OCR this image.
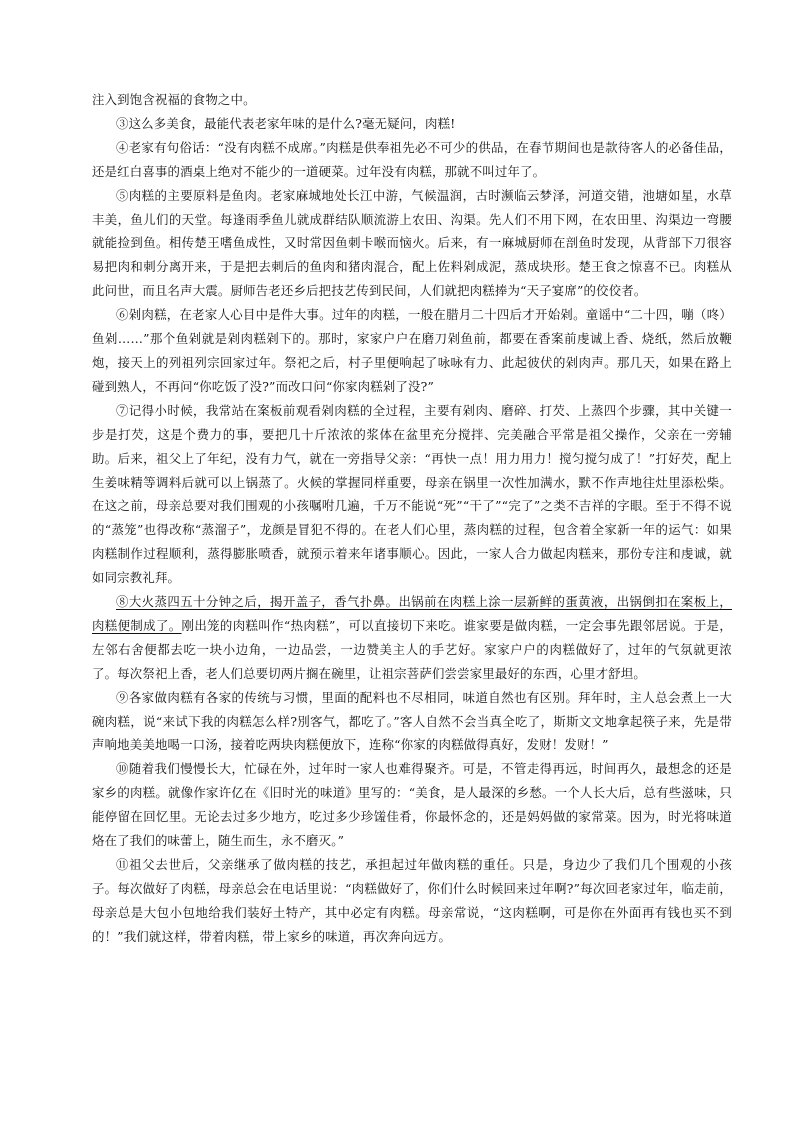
注入到饱含祝福的食物之中。

③这么多美食，最能代表老家年味的是什么?毫无疑问，肉糕!

④老家有句俗话：“没有肉糕不成席。”肉糕是供奉祖先必不可少的供品，在春节期间也是款待客人的必备佳品，还是红白喜事的酒桌上绝对不能少的一道硬菜。过年没有肉糕，那就不叫过年了。

⑤肉糕的主要原料是鱼肉。老家麻城地处长江中游，气候温润，古时濒临云梦泽，河道交错，池塘如星，水草丰美，鱼儿们的天堂。每逢雨季鱼儿就成群结队顺流游上农田、沟渠。先人们不用下网，在农田里、沟渠边一弯腰就能捡到鱼。相传楚王嗜鱼成性，又时常因鱼刺卡喉而恼火。后来，有一麻城厨师在剖鱼时发现，从背部下刀很容易把肉和刺分离开来，于是把去刺后的鱼肉和猪肉混合，配上佐料剁成泥，蒸成块形。楚王食之惊喜不已。肉糕从此问世，而且名声大震。厨师告老还乡后把技艺传到民间，人们就把肉糕捧为“天子宴席”的佼佼者。

⑥剁肉糕，在老家人心目中是件大事。过年的肉糕，一般在腊月二十四后才开始剁。童谣中“二十四，嘣（咚）鱼剁……”那个鱼剁就是剁肉糕剁下的。那时，家家户户在磨刀剁鱼前，都要在香案前虔诚上香、烧纸，然后放鞭炮，接天上的列祖列宗回家过年。祭祀之后，村子里便响起了咏咏有力、此起彼伏的剁肉声。那几天，如果在路上碰到熟人，不再问“你吃饭了没?”而改口问“你家肉糕剁了没?”

⑦记得小时候，我常站在案板前观看剁肉糕的全过程，主要有剁肉、磨碎、打芡、上蒸四个步骤，其中关键一步是打芡，这是个费力的事，要把几十斤浓浓的浆体在盆里充分搅拌、完美融合平常是祖父操作，父亲在一旁辅助。后来，祖父上了年纪，没有力气，就在一旁指导父亲：“再快一点！用力用力！搅匀搅匀成了！”打好芡，配上生姜味精等调料后就可以上锅蒸了。火候的掌握同样重要，母亲在锅里一次性加满水，默不作声地往灶里添松柴。在这之前，母亲总要对我们围观的小孩嘱咐几遍，千万不能说“死”“干了”“完了”之类不吉祥的字眼。至于不得不说的“蒸笼”也得改称“蒸溜子”，龙颜是冒犯不得的。在老人们心里，蒸肉糕的过程，包含着全家新一年的运气：如果肉糕制作过程顺利，蒸得膨胀喷香，就预示着来年诸事顺心。因此，一家人合力做起肉糕来，那份专注和虔诚，就如同宗教礼拜。

⑧大火蒸四五十分钟之后，揭开盖子，香气扑鼻。出锅前在肉糕上涂一层新鲜的蛋黄液，出锅倒扣在案板上，肉糕便制成了。刚出笼的肉糕叫作“热肉糕”，可以直接切下来吃。谁家要是做肉糕，一定会事先跟邻居说。于是，左邻右舍便都去吃一块小边角，一边品尝，一边赞美主人的手艺好。家家户户的肉糕做好了，过年的气氛就更浓了。每次祭祀上香，老人们总要切两片搁在碗里，让祖宗菩萨们尝尝家里最好的东西，心里才舒坦。

⑨各家做肉糕有各家的传统与习惯，里面的配料也不尽相同，味道自然也有区别。拜年时，主人总会煮上一大碗肉糕，说“来试下我的肉糕怎么样?別客气，都吃了。”客人自然不会当真全吃了，斯斯文文地拿起筷子来，先是带声响地美美地喝一口汤，接着吃两块肉糕便放下，连称“你家的肉糕做得真好，发财！发财！”

⑩随着我们慢慢长大，忙碌在外，过年时一家人也难得聚齐。可是，不管走得再远，时间再久，最想念的还是家乡的肉糕。就像作家许亿在《旧时光的味道》里写的：“美食，是人最深的乡愁。一个人长大后，总有些滋味，只能停留在回忆里。无论去过多少地方，吃过多少珍馐佳肴，你最怀念的，还是妈妈做的家常菜。因为，时光将味道烙在了我们的味蕾上，随生而生，永不磨灭。”

⑪祖父去世后，父亲继承了做肉糕的技艺，承担起过年做肉糕的重任。只是，身边少了我们几个围观的小孩子。每次做好了肉糕，母亲总会在电话里说：“肉糕做好了，你们什么时候回来过年啊?”每次回老家过年，临走前，母亲总是大包小包地给我们装好土特产，其中必定有肉糕。母亲常说，“这肉糕啊，可是你在外面再有钱也买不到的！”我们就这样，带着肉糕，带上家乡的味道，再次奔向远方。
